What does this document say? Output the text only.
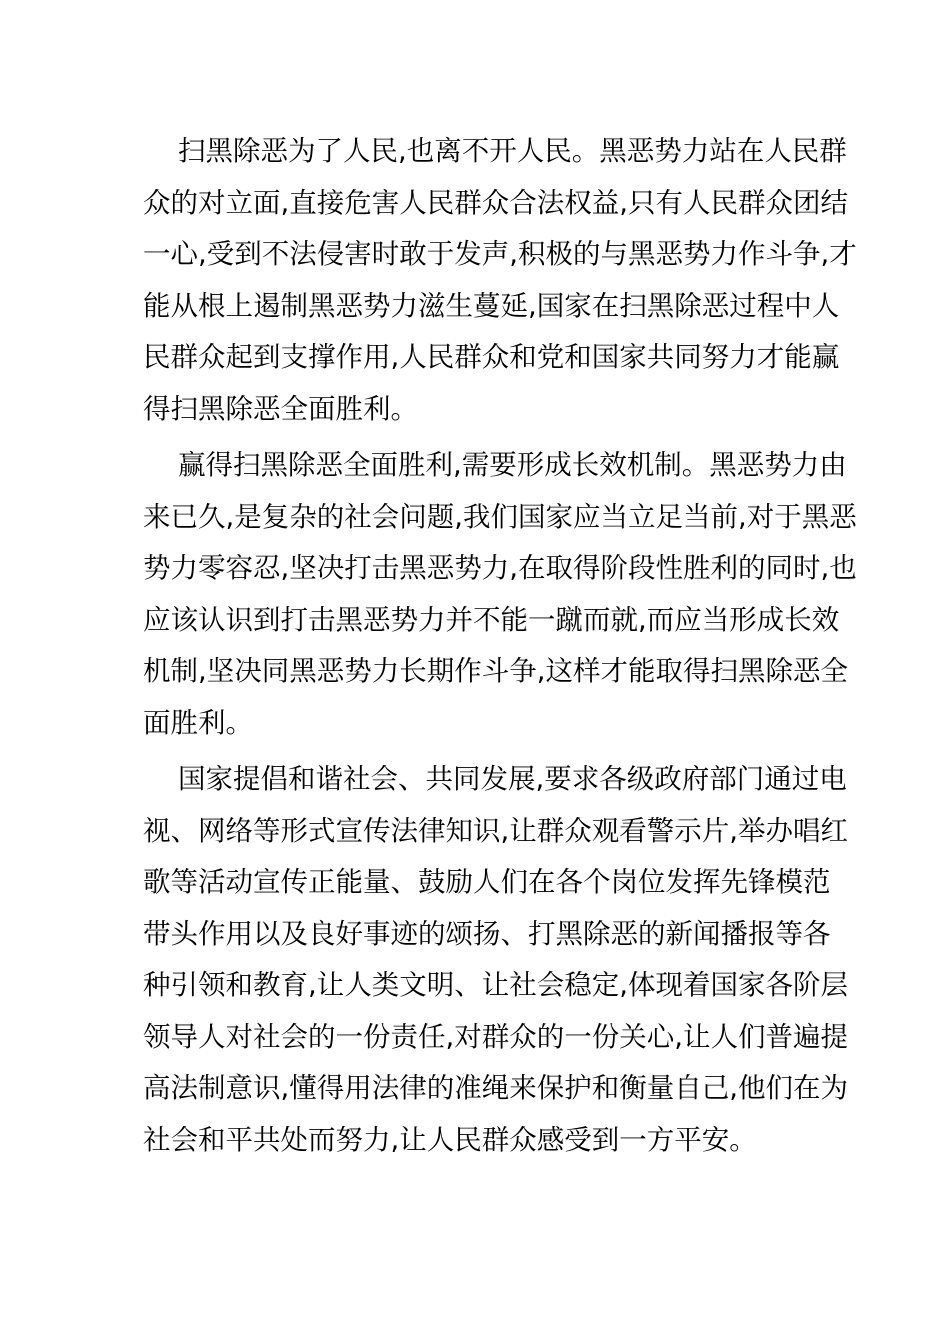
扫黑除恶为了人民,也离不开人民。黑恶势力站在人民群
众的对立面,直接危害人民群众合法权益,只有人民群众团结
一心,受到不法侵害时敢于发声,积极的与黑恶势力作斗争,才
能从根上遏制黑恶势力滋生蔓延,国家在扫黑除恶过程中人
民群众起到支撑作用,人民群众和党和国家共同努力才能赢
得扫黑除恶全面胜利。
赢得扫黑除恶全面胜利,需要形成长效机制。黑恶势力由
来已久,是复杂的社会问题,我们国家应当立足当前,对于黑恶
势力零容忍,坚决打击黑恶势力,在取得阶段性胜利的同时,也
应该认识到打击黑恶势力并不能一蹴而就,而应当形成长效
机制,坚决同黑恶势力长期作斗争,这样才能取得扫黑除恶全
面胜利。
国家提倡和谐社会、共同发展,要求各级政府部门通过电
视、网络等形式宣传法律知识,让群众观看警示片,举办唱红
歌等活动宣传正能量、鼓励人们在各个岗位发挥先锋模范
带头作用以及良好事迹的颂扬、打黑除恶的新闻播报等各
种引领和教育,让人类文明、让社会稳定,体现着国家各阶层
领导人对社会的一份责任,对群众的一份关心,让人们普遍提
高法制意识,懂得用法律的准绳来保护和衡量自己,他们在为
社会和平共处而努力,让人民群众感受到一方平安。
